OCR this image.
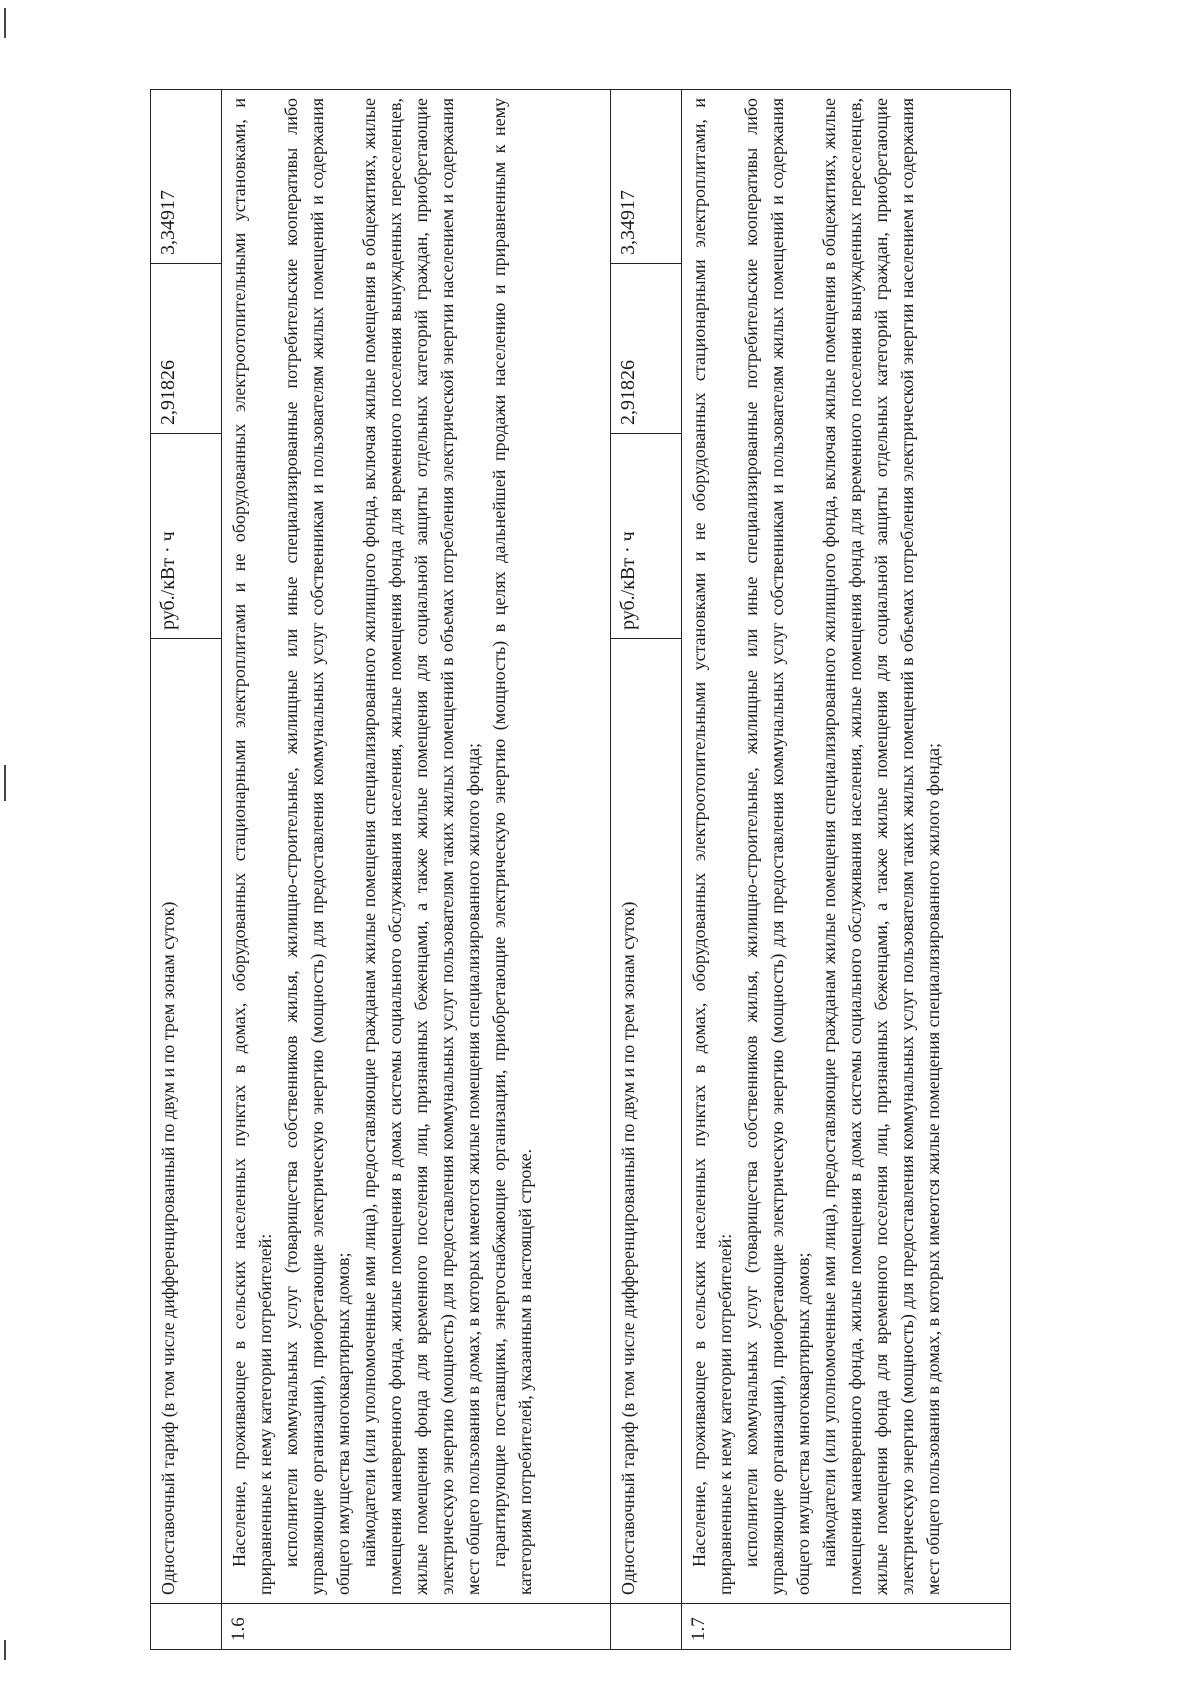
	Одноставочный тариф (в том числе дифференцированный по двум и по трем зонам суток)	руб./кВт · ч	2,91826	3,34917
1.6	Население, проживающее в сельских населенных пунктах в домах, оборудованных стационарными электроплитами и не оборудованных электроотопительными установками, и приравненные к нему категории потребителей: исполнители коммунальных услуг (товарищества собственников жилья, жилищно-строительные, жилищные или иные специализированные потребительские кооперативы либо управляющие организации), приобретающие электрическую энергию (мощность) для предоставления коммунальных услуг собственникам и пользователям жилых помещений и содержания общего имущества многоквартирных домов; наймодатели (или уполномоченные ими лица), предоставляющие гражданам жилые помещения специализированного жилищного фонда, включая жилые помещения в общежитиях, жилые помещения маневренного фонда, жилые помещения в домах системы социального обслуживания населения, жилые помещения фонда для временного поселения вынужденных переселенцев, жилые помещения фонда для временного поселения лиц, признанных беженцами, а также жилые помещения для социальной защиты отдельных категорий граждан, приобретающие электрическую энергию (мощность) для предоставления коммунальных услуг пользователям таких жилых помещений в объемах потребления электрической энергии населением и содержания мест общего пользования в домах, в которых имеются жилые помещения специализированного жилого фонда; гарантирующие поставщики, энергоснабжающие организации, приобретающие электрическую энергию (мощность) в целях дальнейшей продажи населению и приравненным к нему категориям потребителей, указанным в настоящей строке.			

	Одноставочный тариф (в том числе дифференцированный по двум и по трем зонам суток)	руб./кВт · ч	2,91826	3,34917
1.7	Население, проживающее в сельских населенных пунктах в домах, оборудованных электроотопительными установками и не оборудованных стационарными электроплитами, и приравненные к нему категории потребителей: исполнители коммунальных услуг (товарищества собственников жилья, жилищно-строительные, жилищные или иные специализированные потребительские кооперативы либо управляющие организации), приобретающие электрическую энергию (мощность) для предоставления коммунальных услуг собственникам и пользователям жилых помещений и содержания общего имущества многоквартирных домов; наймодатели (или уполномоченные ими лица), предоставляющие гражданам жилые помещения специализированного жилищного фонда, включая жилые помещения в общежитиях, жилые помещения маневренного фонда, жилые помещения в домах системы социального обслуживания населения, жилые помещения фонда для временного поселения вынужденных переселенцев, жилые помещения фонда для временного поселения лиц, признанных беженцами, а также жилые помещения для социальной защиты отдельных категорий граждан, приобретающие электрическую энергию (мощность) для предоставления коммунальных услуг пользователям таких жилых помещений в объемах потребления электрической энергии населением и содержания мест общего пользования в домах, в которых имеются жилые помещения специализированного жилого фонда;			
